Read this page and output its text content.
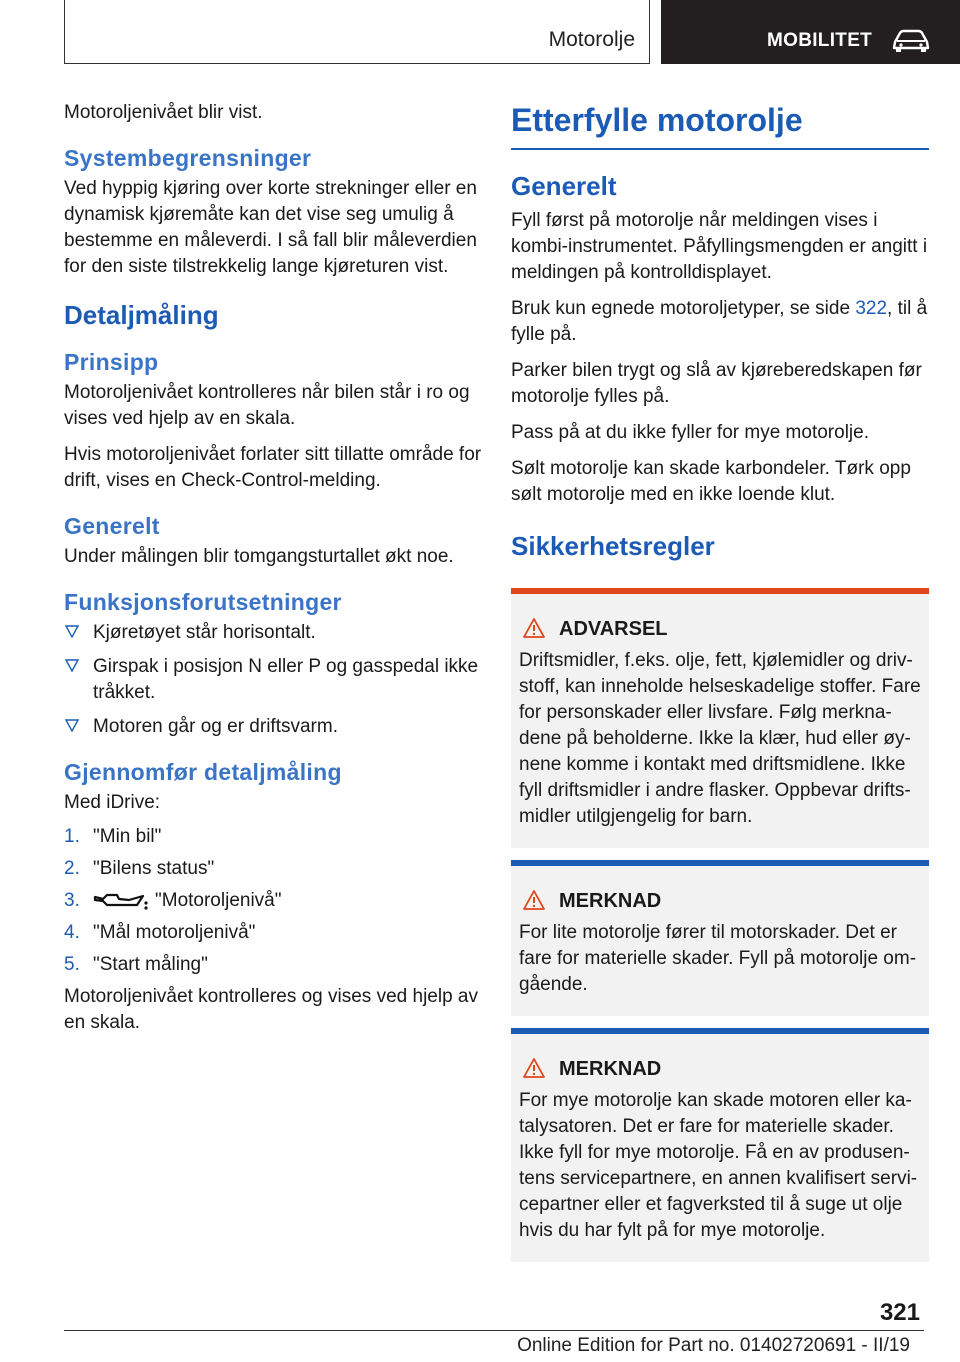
Motorolje	MOBILITET

Motoroljenivået blir vist.

Systembegrensninger

Ved hyppig kjøring over korte strekninger eller en dynamisk kjøremåte kan det vise seg umulig å bestemme en måleverdi. I så fall blir måleverdien for den siste tilstrekkelig lange kjøreturen vist.

Detaljmåling
Prinsipp

Motoroljenivået kontrolleres når bilen står i ro og vises ved hjelp av en skala.

Hvis motoroljenivået forlater sitt tillatte område for drift, vises en Check-Control-melding.

Generelt

Under målingen blir tomgangsturtallet økt noe.

Funksjonsforutsetninger
Kjøretøyet står horisontalt.
Girspak i posisjon N eller P og gasspedal ikke tråkket.
Motoren går og er driftsvarm.
Gjennomfør detaljmåling

Med iDrive:

1. "Min bil"
2. "Bilens status"
3.	"Motoroljenivå"
4. "Mål motoroljenivå"
5. "Start måling"

Motoroljenivået kontrolleres og vises ved hjelp av en skala.

Etterfylle motorolje
Generelt

Fyll først på motorolje når meldingen vises i kombi-instrumentet. Påfyllingsmengden er angitt i meldingen på kontrolldisplayet.

Bruk kun egnede motoroljetyper, se side 322, til å fylle på.

Parker bilen trygt og slå av kjøreberedskapen før motorolje fylles på.

Pass på at du ikke fyller for mye motorolje.

Sølt motorolje kan skade karbondeler. Tørk opp sølt motorolje med en ikke loende klut.

Sikkerhetsregler
ADVARSEL

Driftsmidler, f.eks. olje, fett, kjølemidler og driv-stoff, kan inneholde helseskadelige stoffer. Fare for personskader eller livsfare. Følg merkna-dene på beholderne. Ikke la klær, hud eller øy-nene komme i kontakt med driftsmidlene. Ikke fyll driftsmidler i andre flasker. Oppbevar drifts-midler utilgjengelig for barn.

MERKNAD

For lite motorolje fører til motorskader. Det er fare for materielle skader. Fyll på motorolje om-gående.

MERKNAD

For mye motorolje kan skade motoren eller ka-talysatoren. Det er fare for materielle skader. Ikke fyll for mye motorolje. Få en av produsen-tens servicepartnere, en annen kvalifisert servi-cepartner eller et fagverksted til å suge ut olje hvis du har fylt på for mye motorolje.

321
Online Edition for Part no. 01402720691 - II/19
